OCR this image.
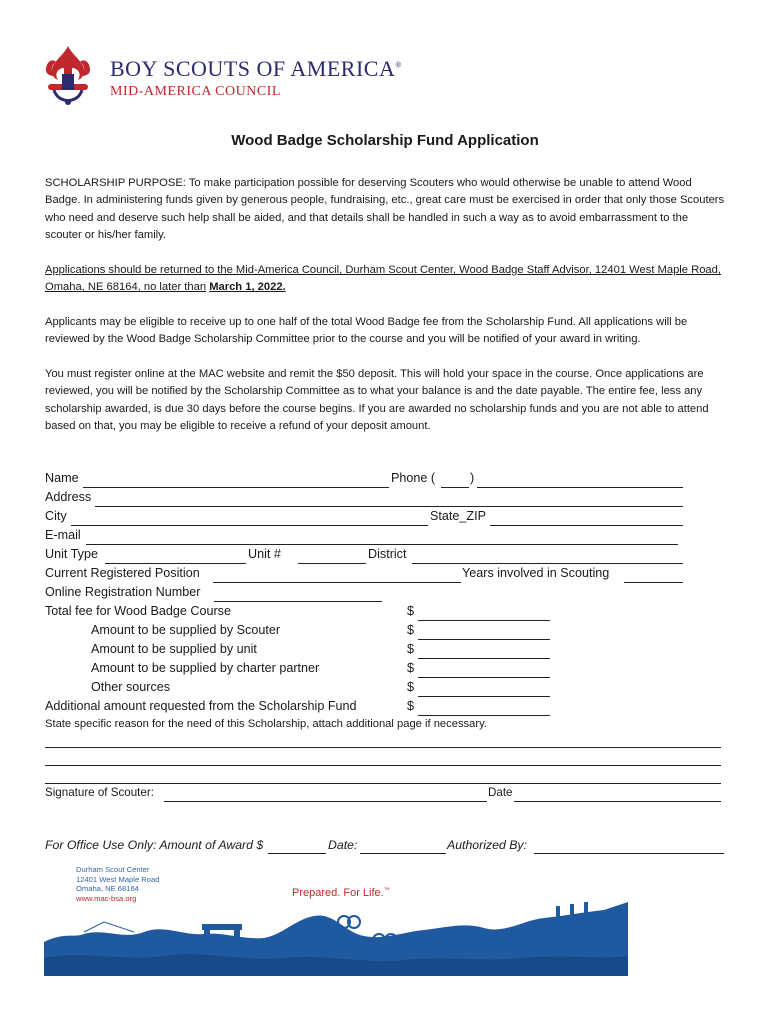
BOY SCOUTS OF AMERICA®
MID-AMERICA COUNCIL
Wood Badge Scholarship Fund Application
SCHOLARSHIP PURPOSE: To make participation possible for deserving Scouters who would otherwise be unable to attend Wood Badge. In administering funds given by generous people, fundraising, etc., great care must be exercised in order that only those Scouters who need and deserve such help shall be aided, and that details shall be handled in such a way as to avoid embarrassment to the scouter or his/her family.
Applications should be returned to the Mid-America Council, Durham Scout Center, Wood Badge Staff Advisor, 12401 West Maple Road, Omaha, NE 68164, no later than March 1, 2022.
Applicants may be eligible to receive up to one half of the total Wood Badge fee from the Scholarship Fund. All applications will be reviewed by the Wood Badge Scholarship Committee prior to the course and you will be notified of your award in writing.
You must register online at the MAC website and remit the $50 deposit. This will hold your space in the course. Once applications are reviewed, you will be notified by the Scholarship Committee as to what your balance is and the date payable. The entire fee, less any scholarship awarded, is due 30 days before the course begins. If you are awarded no scholarship funds and you are not able to attend based on that, you may be eligible to receive a refund of your deposit amount.
Name	Phone (	)
Address
City	State_ZIP
E-mail
Unit Type	Unit #	District
Current Registered Position	Years involved in Scouting
Online Registration Number
Total fee for Wood Badge Course	$
Amount to be supplied by Scouter	$
Amount to be supplied by unit	$
Amount to be supplied by charter partner	$
Other sources	$
Additional amount requested from the Scholarship Fund	$
State specific reason for the need of this Scholarship, attach additional page if necessary.
Signature of Scouter:	Date
For Office Use Only: Amount of Award $	Date:	Authorized By:
Durham Scout Center
12401 West Maple Road
Omaha, NE 68164
www.mac-bsa.org	Prepared. For Life.™
